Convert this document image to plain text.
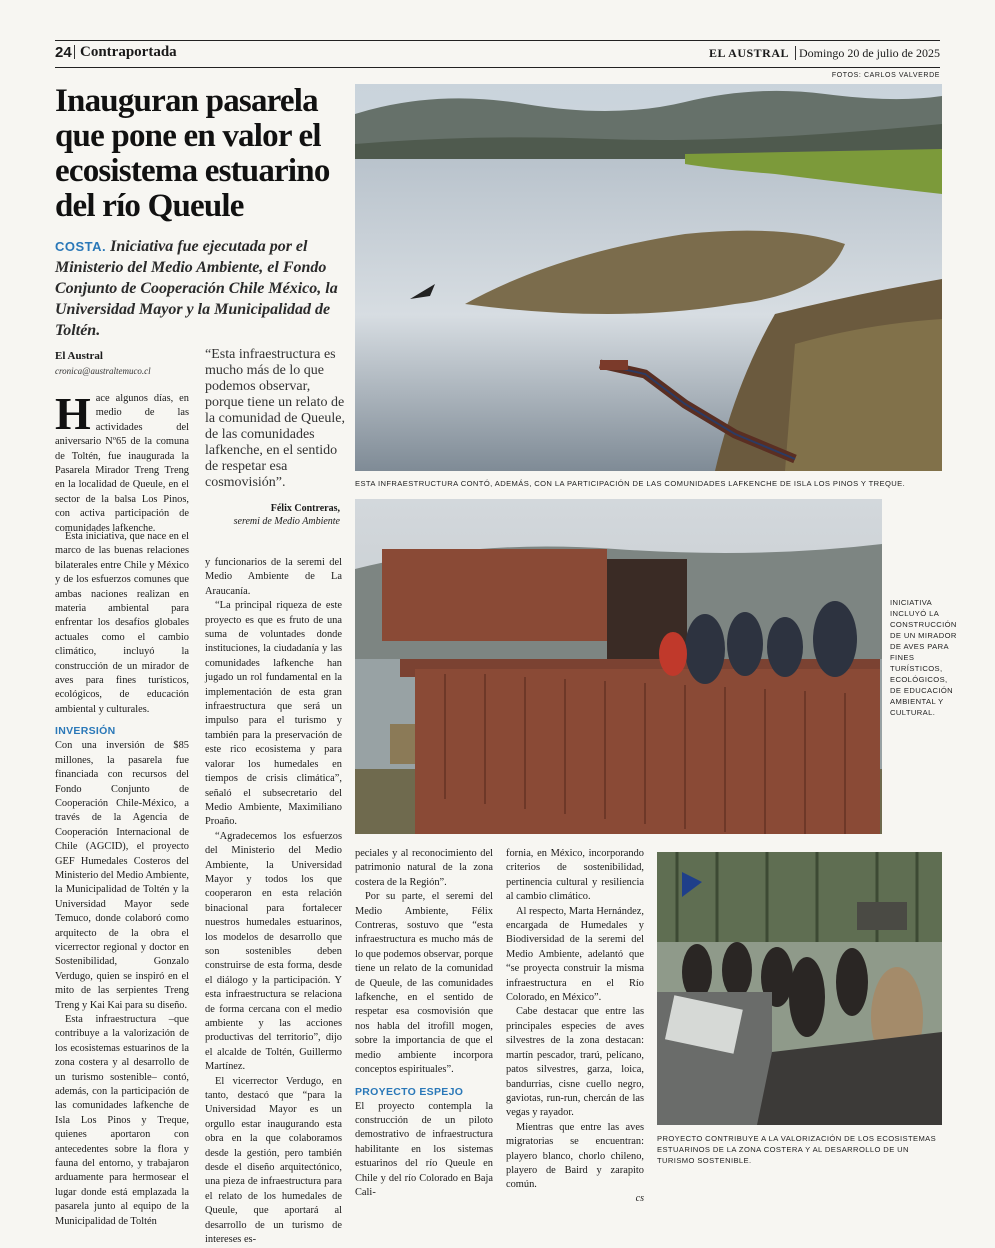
24 Contraportada	EL AUSTRAL Domingo 20 de julio de 2025
FOTOS: CARLOS VALVERDE
Inauguran pasarela que pone en valor el ecosistema estuarino del río Queule
COSTA. Iniciativa fue ejecutada por el Ministerio del Medio Ambiente, el Fondo Conjunto de Cooperación Chile México, la Universidad Mayor y la Municipalidad de Toltén.
El Austral
cronica@australtemuco.cl
“Esta infraestructura es mucho más de lo que podemos observar, porque tiene un relato de la comunidad de Queule, de las comunidades lafkenche, en el sentido de respetar esa cosmovisión”.
Félix Contreras,
seremi de Medio Ambiente

Hace algunos días, en medio de las actividades del aniversario Nº65 de la comuna de Toltén, fue inaugurada la Pasarela Mirador Treng Treng en la localidad de Queule, en el sector de la balsa Los Pinos, con activa participación de comunidades lafkenche.

Esta iniciativa, que nace en el marco de las buenas relaciones bilaterales entre Chile y México y de los esfuerzos comunes que ambas naciones realizan en materia ambiental para enfrentar los desafíos globales actuales como el cambio climático, incluyó la construcción de un mirador de aves para fines turísticos, ecológicos, de educación ambiental y culturales.

INVERSIÓN

Con una inversión de $85 millones, la pasarela fue financiada con recursos del Fondo Conjunto de Cooperación Chile-México, a través de la Agencia de Cooperación Internacional de Chile (AGCID), el proyecto GEF Humedales Costeros del Ministerio del Medio Ambiente, la Municipalidad de Toltén y la Universidad Mayor sede Temuco, donde colaboró como arquitecto de la obra el vicerrector regional y doctor en Sostenibilidad, Gonzalo Verdugo, quien se inspiró en el mito de las serpientes Treng Treng y Kai Kai para su diseño.

Esta infraestructura –que contribuye a la valorización de los ecosistemas estuarinos de la zona costera y al desarrollo de un turismo sostenible– contó, además, con la participación de las comunidades lafkenche de Isla Los Pinos y Treque, quienes aportaron con antecedentes sobre la flora y fauna del entorno, y trabajaron arduamente para hermosear el lugar donde está emplazada la pasarela junto al equipo de la Municipalidad de Toltén

y funcionarios de la seremi del Medio Ambiente de La Araucanía.

“La principal riqueza de este proyecto es que es fruto de una suma de voluntades donde instituciones, la ciudadanía y las comunidades lafkenche han jugado un rol fundamental en la implementación de esta gran infraestructura que será un impulso para el turismo y también para la preservación de este rico ecosistema y para valorar los humedales en tiempos de crisis climática”, señaló el subsecretario del Medio Ambiente, Maximiliano Proaño.

“Agradecemos los esfuerzos del Ministerio del Medio Ambiente, la Universidad Mayor y todos los que cooperaron en esta relación binacional para fortalecer nuestros humedales estuarinos, los modelos de desarrollo que son sostenibles deben construirse de esta forma, desde el diálogo y la participación. Y esta infraestructura se relaciona de forma cercana con el medio ambiente y las acciones productivas del territorio”, dijo el alcalde de Toltén, Guillermo Martínez.

El vicerrector Verdugo, en tanto, destacó que “para la Universidad Mayor es un orgullo estar inaugurando esta obra en la que colaboramos desde la gestión, pero también desde el diseño arquitectónico, una pieza de infraestructura para el relato de los humedales de Queule, que aportará al desarrollo de un turismo de intereses es-

peciales y al reconocimiento del patrimonio natural de la zona costera de la Región”.

Por su parte, el seremi del Medio Ambiente, Félix Contreras, sostuvo que “esta infraestructura es mucho más de lo que podemos observar, porque tiene un relato de la comunidad de Queule, de las comunidades lafkenche, en el sentido de respetar esa cosmovisión que nos habla del itrofill mogen, sobre la importancia de que el medio ambiente incorpora conceptos espirituales”.

PROYECTO ESPEJO

El proyecto contempla la construcción de un piloto demostrativo de infraestructura habilitante en los sistemas estuarinos del río Queule en Chile y del río Colorado en Baja Cali-

fornia, en México, incorporando criterios de sostenibilidad, pertinencia cultural y resiliencia al cambio climático.

Al respecto, Marta Hernández, encargada de Humedales y Biodiversidad de la seremi del Medio Ambiente, adelantó que “se proyecta construir la misma infraestructura en el Río Colorado, en México”.

Cabe destacar que entre las principales especies de aves silvestres de la zona destacan: martín pescador, trarú, pelícano, patos silvestres, garza, loica, bandurrias, cisne cuello negro, gaviotas, run-run, chercán de las vegas y rayador.

Mientras que entre las aves migratorias se encuentran: playero blanco, chorlo chileno, playero de Baird y zarapito común.

cs
ESTA INFRAESTRUCTURA CONTÓ, ADEMÁS, CON LA PARTICIPACIÓN DE LAS COMUNIDADES LAFKENCHE DE ISLA LOS PINOS Y TREQUE.
INICIATIVA INCLUYÓ LA CONSTRUCCIÓN DE UN MIRADOR DE AVES PARA FINES TURÍSTICOS, ECOLÓGICOS, DE EDUCACIÓN AMBIENTAL Y CULTURAL.
PROYECTO CONTRIBUYE A LA VALORIZACIÓN DE LOS ECOSISTEMAS ESTUARINOS DE LA ZONA COSTERA Y AL DESARROLLO DE UN TURISMO SOSTENIBLE.
